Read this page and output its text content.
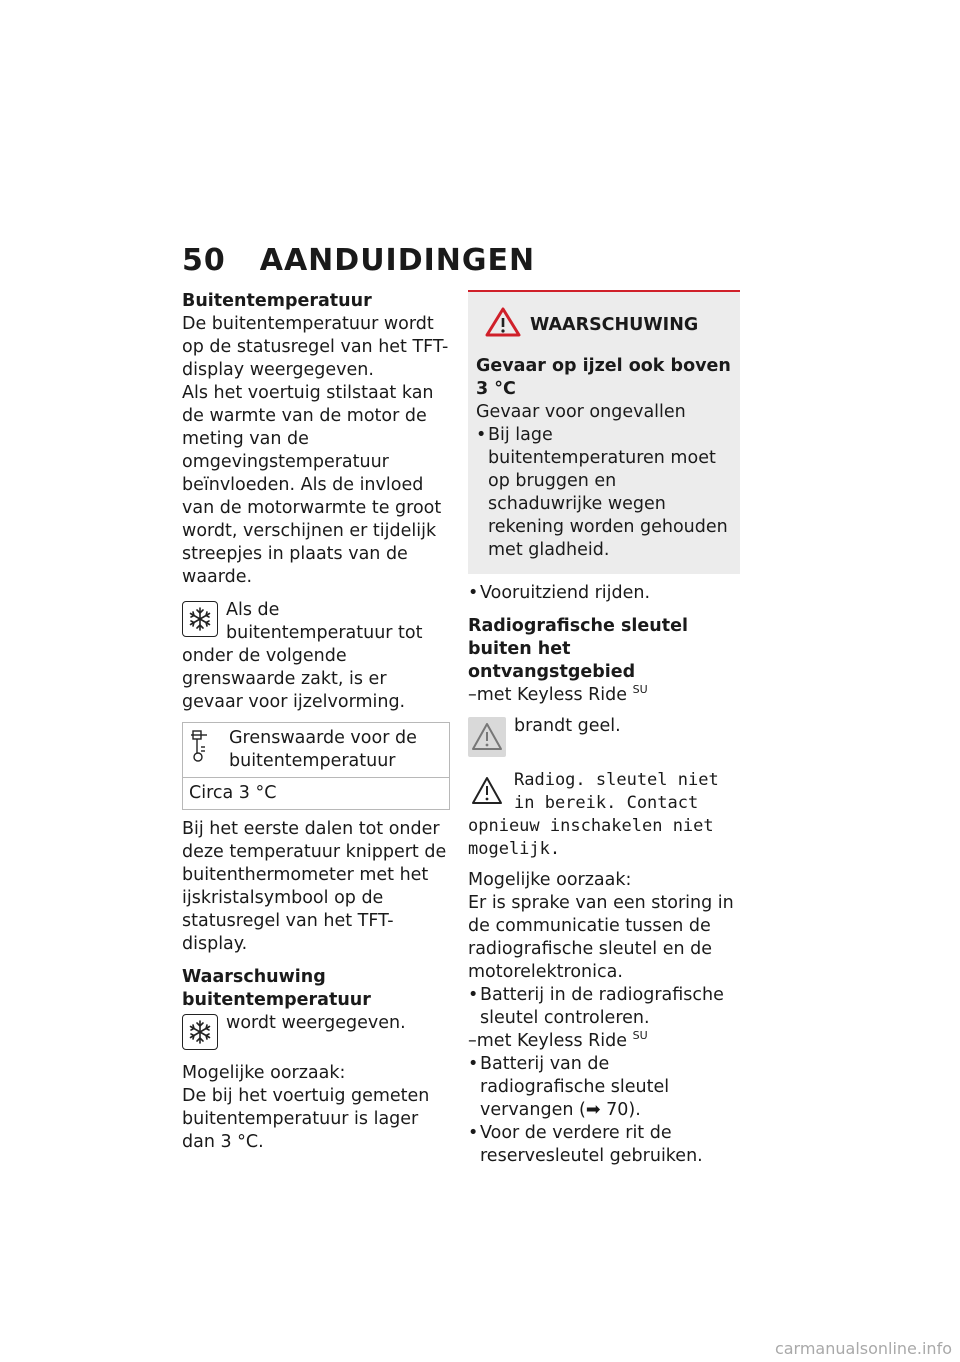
50 AANDUIDINGEN
Buitentemperatuur

De buitentemperatuur wordt op de statusregel van het TFT-display weergegeven.

Als het voertuig stilstaat kan de warmte van de motor de meting van de omgevingstemperatuur beïnvloeden. Als de invloed van de motorwarmte te groot wordt, verschijnen er tijdelijk streepjes in plaats van de waarde.

Als de buitentemperatuur tot onder de volgende grenswaarde zakt, is er gevaar voor ijzelvorming.
Grenswaarde voor de buitentemperatuur

Circa 3 °C

Bij het eerste dalen tot onder deze temperatuur knippert de buitenthermometer met het ijskristalsymbool op de statusregel van het TFT-display.

Waarschuwing buitentemperatuur
wordt weergegeven.

Mogelijke oorzaak:

De bij het voertuig gemeten buitentemperatuur is lager dan 3 °C.

WAARSCHUWING
Gevaar op ijzel ook boven 3 °C

Gevaar voor ongevallen

• Bij lage buitentemperaturen moet op bruggen en schaduwrijke wegen rekening worden gehouden met gladheid.
• Vooruitziend rijden.
Radiografische sleutel buiten het ontvangstgebied

–met Keyless Ride $^{SU}$

brandt geel.
Radiog. sleutel niet in bereik. Contact opnieuw inschakelen niet mogelijk.

Mogelijke oorzaak:

Er is sprake van een storing in de communicatie tussen de radiografische sleutel en de motorelektronica.

• Batterij in de radiografische sleutel controleren.

–met Keyless Ride $^{SU}$

• Batterij van de radiografische sleutel vervangen (➡ 70).
• Voor de verdere rit de reservesleutel gebruiken.
carmanualsonline.info
